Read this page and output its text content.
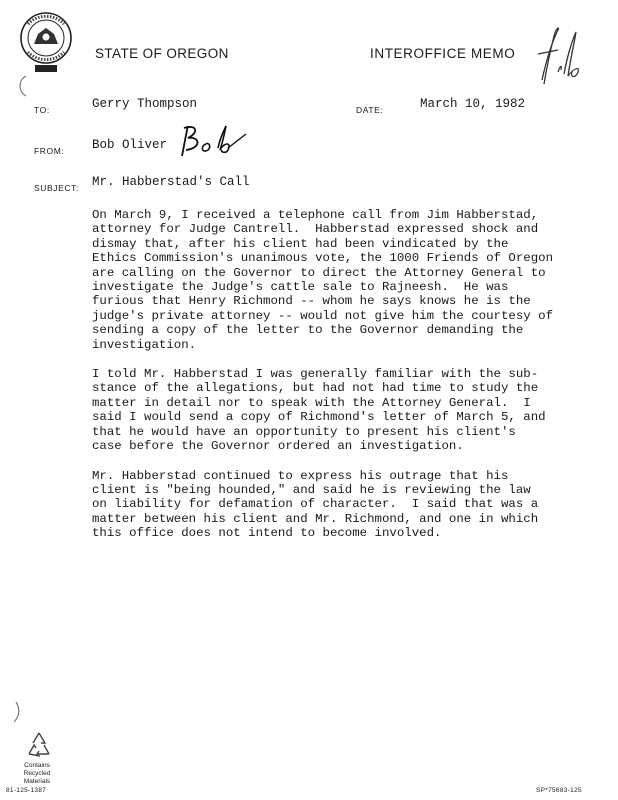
STATE OF OREGON	INTEROFFICE MEMO
TO:	Gerry Thompson	DATE:	March 10, 1982
FROM: Bob Oliver
SUBJECT: Mr. Habberstad's Call

On March 9, I received a telephone call from Jim Habberstad,
attorney for Judge Cantrell.  Habberstad expressed shock and
dismay that, after his client had been vindicated by the
Ethics Commission's unanimous vote, the 1000 Friends of Oregon
are calling on the Governor to direct the Attorney General to
investigate the Judge's cattle sale to Rajneesh.  He was
furious that Henry Richmond -- whom he says knows he is the
judge's private attorney -- would not give him the courtesy of
sending a copy of the letter to the Governor demanding the
investigation.

I told Mr. Habberstad I was generally familiar with the sub-
stance of the allegations, but had not had time to study the
matter in detail nor to speak with the Attorney General.  I
said I would send a copy of Richmond's letter of March 5, and
that he would have an opportunity to present his client's
case before the Governor ordered an investigation.

Mr. Habberstad continued to express his outrage that his
client is "being hounded," and said he is reviewing the law
on liability for defamation of character.  I said that was a
matter between his client and Mr. Richmond, and one in which
this office does not intend to become involved.

Contains
Recycled
Materials
81-125-1387	SP*75683-125
